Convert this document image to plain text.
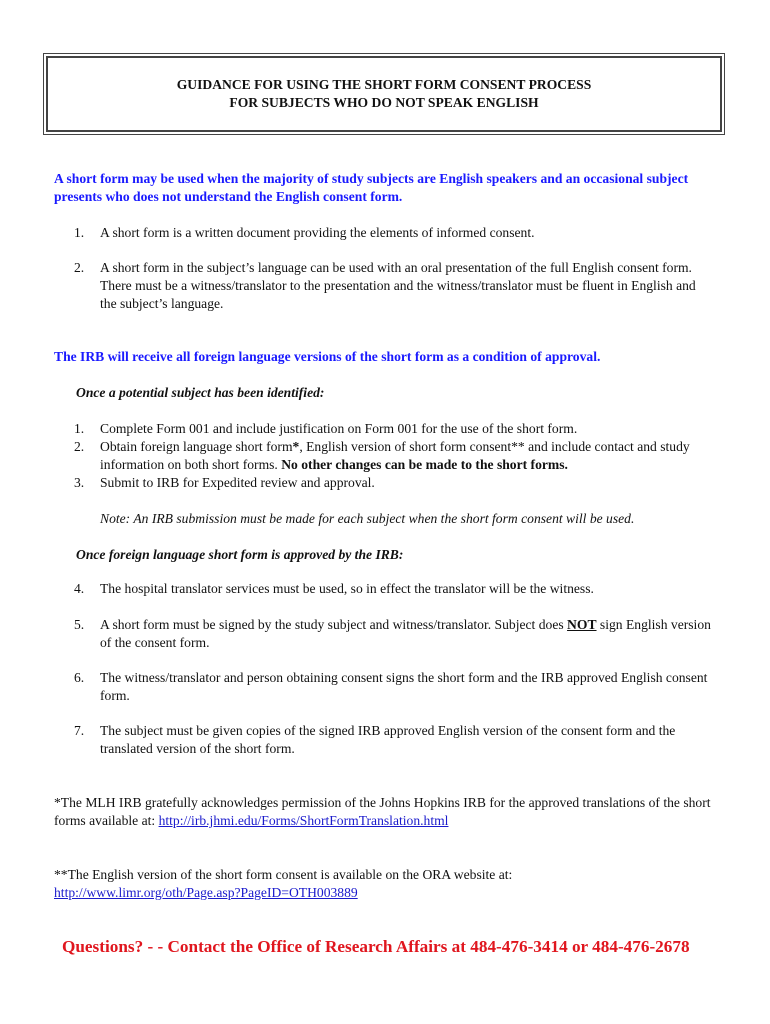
GUIDANCE FOR USING THE SHORT FORM CONSENT PROCESS
FOR SUBJECTS WHO DO NOT SPEAK ENGLISH
A short form may be used when the majority of study subjects are English speakers and an occasional subject presents who does not understand the English consent form.
1. A short form is a written document providing the elements of informed consent.
2. A short form in the subject’s language can be used with an oral presentation of the full English consent form. There must be a witness/translator to the presentation and the witness/translator must be fluent in English and the subject’s language.
The IRB will receive all foreign language versions of the short form as a condition of approval.
Once a potential subject has been identified:
1. Complete Form 001 and include justification on Form 001 for the use of the short form.
2. Obtain foreign language short form*, English version of short form consent** and include contact and study information on both short forms. No other changes can be made to the short forms.
3. Submit to IRB for Expedited review and approval.
Note: An IRB submission must be made for each subject when the short form consent will be used.
Once foreign language short form is approved by the IRB:
4. The hospital translator services must be used, so in effect the translator will be the witness.
5. A short form must be signed by the study subject and witness/translator. Subject does NOT sign English version of the consent form.
6. The witness/translator and person obtaining consent signs the short form and the IRB approved English consent form.
7. The subject must be given copies of the signed IRB approved English version of the consent form and the translated version of the short form.
*The MLH IRB gratefully acknowledges permission of the Johns Hopkins IRB for the approved translations of the short forms available at: http://irb.jhmi.edu/Forms/ShortFormTranslation.html
**The English version of the short form consent is available on the ORA website at:
http://www.limr.org/oth/Page.asp?PageID=OTH003889
Questions? - - Contact the Office of Research Affairs at 484-476-3414 or 484-476-2678
